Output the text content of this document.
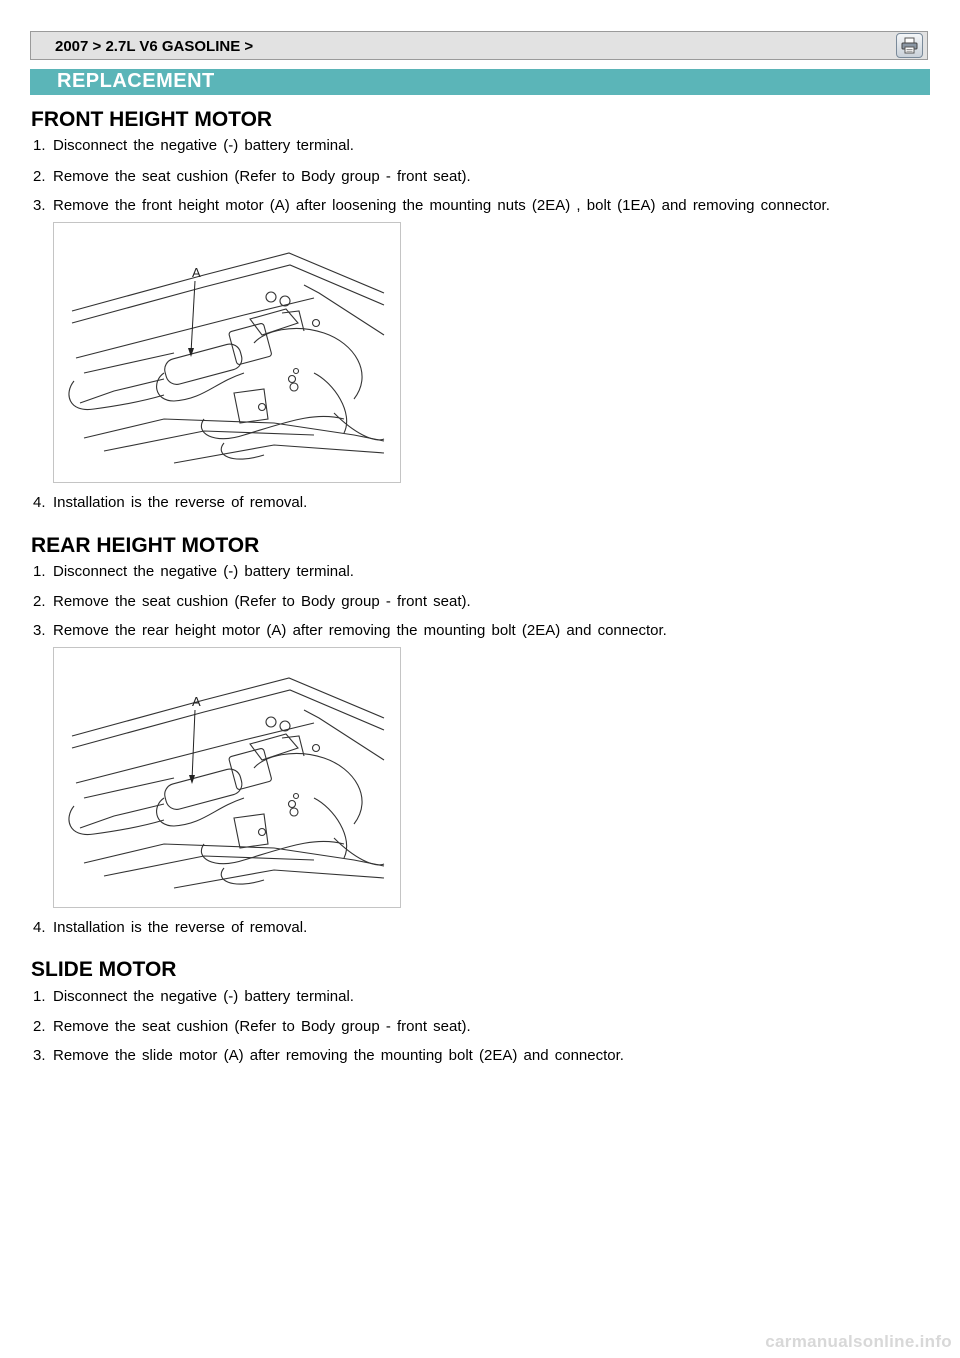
2007 > 2.7L V6 GASOLINE >
REPLACEMENT
FRONT HEIGHT MOTOR
1. Disconnect the negative (-) battery terminal.
2. Remove the seat cushion (Refer to Body group - front seat).
3. Remove the front height motor (A) after loosening the mounting nuts (2EA) , bolt (1EA) and removing connector.
A
4. Installation is the reverse of removal.
REAR HEIGHT MOTOR
1. Disconnect the negative (-) battery terminal.
2. Remove the seat cushion (Refer to Body group - front seat).
3. Remove the rear height motor (A) after removing the mounting bolt (2EA) and connector.
A
4. Installation is the reverse of removal.
SLIDE MOTOR
1. Disconnect the negative (-) battery terminal.
2. Remove the seat cushion (Refer to Body group - front seat).
3. Remove the slide motor (A) after removing the mounting bolt (2EA) and connector.
carmanualsonline.info
